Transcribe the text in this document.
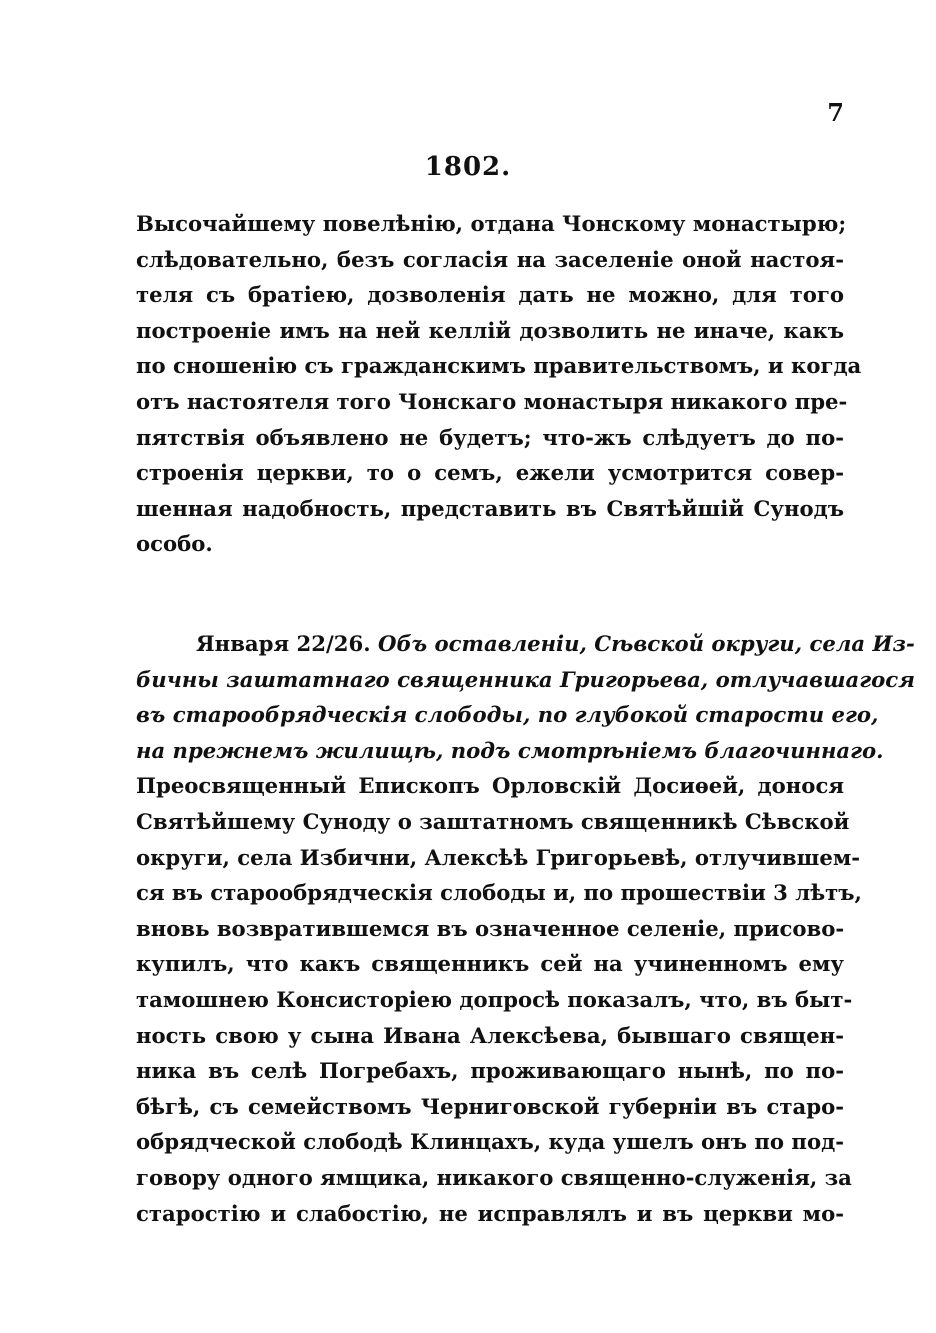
7
1802.
Высочайшему повелѣнію, отдана Чонскому монастырю;
слѣдовательно, безъ согласія на заселеніе оной настоя-
теля съ братіею, дозволенія дать не можно, для того
построеніе имъ на ней келлій дозволить не иначе, какъ
по сношенію съ гражданскимъ правительствомъ, и когда
отъ настоятеля того Чонскаго монастыря никакого пре-
пятствія объявлено не будетъ; что-жъ слѣдуетъ до по-
строенія церкви, то о семъ, ежели усмотрится совер-
шенная надобность, представить въ Святѣйшій Сунодъ
особо.
Января 22/26. Объ оставленіи, Сѣвской округи, села Из-
бичны заштатнаго священника Григорьева, отлучавшагося
въ старообрядческія слободы, по глубокой старости его,
на прежнемъ жилищѣ, подъ смотрѣніемъ благочиннаго.
Преосвященный Епископъ Орловскій Досиѳей, донося
Святѣйшему Суноду о заштатномъ священникѣ Сѣвской
округи, села Избични, Алексѣѣ Григорьевѣ, отлучившем-
ся въ старообрядческія слободы и, по прошествіи 3 лѣтъ,
вновь возвратившемся въ означенное селеніе, присово-
купилъ, что какъ священникъ сей на учиненномъ ему
тамошнею Консисторіею допросѣ показалъ, что, въ быт-
ность свою у сына Ивана Алексѣева, бывшаго священ-
ника въ селѣ Погребахъ, проживающаго нынѣ, по по-
бѣгѣ, съ семействомъ Черниговской губерніи въ старо-
обрядческой слободѣ Клинцахъ, куда ушелъ онъ по под-
говору одного ямщика, никакого священно-служенія, за
старостію и слабостію, не исправлялъ и въ церкви мо-
